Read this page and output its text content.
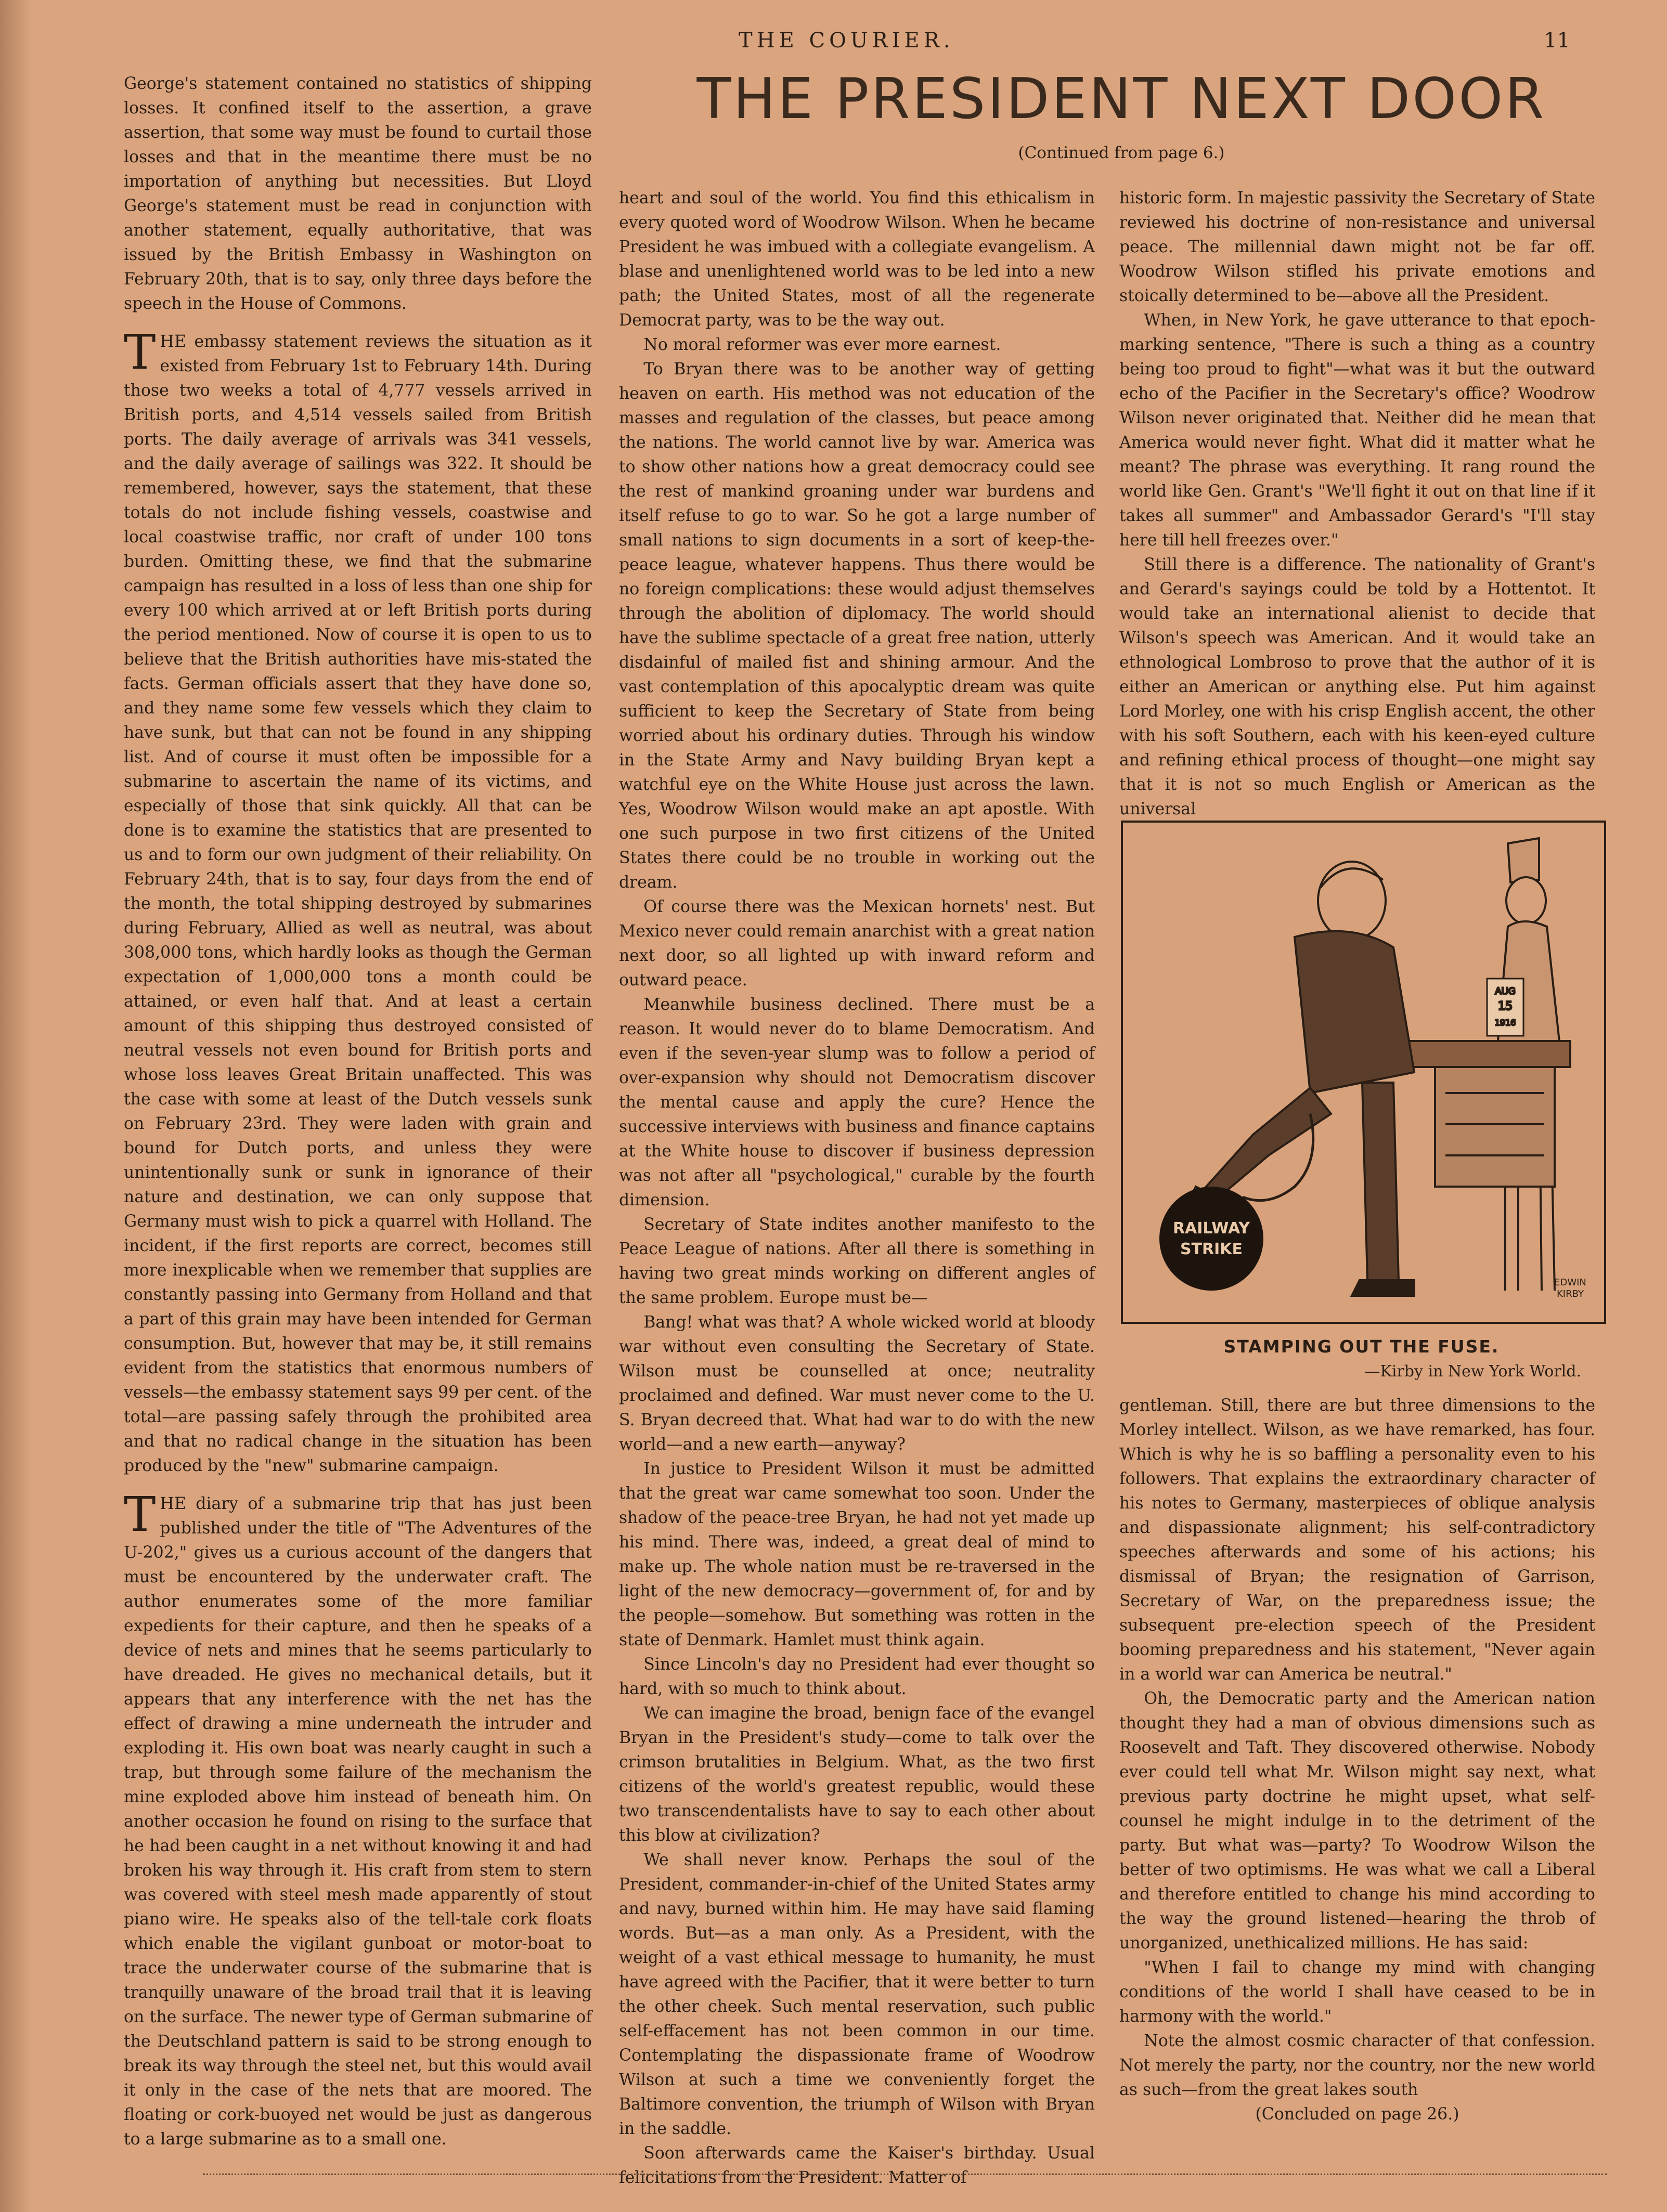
THE COURIER.	11
THE PRESIDENT NEXT DOOR
(Continued from page 6.)

George's statement contained no statistics of shipping losses. It confined itself to the assertion, a grave assertion, that some way must be found to curtail those losses and that in the meantime there must be no importation of anything but necessities. But Lloyd George's statement must be read in conjunction with another statement, equally authoritative, that was issued by the British Embassy in Washington on February 20th, that is to say, only three days before the speech in the House of Commons.

THE embassy statement reviews the situation as it existed from February 1st to February 14th. During those two weeks a total of 4,777 vessels arrived in British ports, and 4,514 vessels sailed from British ports. The daily average of arrivals was 341 vessels, and the daily average of sailings was 322. It should be remembered, however, says the statement, that these totals do not include fishing vessels, coastwise and local coastwise traffic, nor craft of under 100 tons burden. Omitting these, we find that the submarine campaign has resulted in a loss of less than one ship for every 100 which arrived at or left British ports during the period mentioned. Now of course it is open to us to believe that the British authorities have mis-stated the facts. German officials assert that they have done so, and they name some few vessels which they claim to have sunk, but that can not be found in any shipping list. And of course it must often be impossible for a submarine to ascertain the name of its victims, and especially of those that sink quickly. All that can be done is to examine the statistics that are presented to us and to form our own judgment of their reliability. On February 24th, that is to say, four days from the end of the month, the total shipping destroyed by submarines during February, Allied as well as neutral, was about 308,000 tons, which hardly looks as though the German expectation of 1,000,000 tons a month could be attained, or even half that. And at least a certain amount of this shipping thus destroyed consisted of neutral vessels not even bound for British ports and whose loss leaves Great Britain unaffected. This was the case with some at least of the Dutch vessels sunk on February 23rd. They were laden with grain and bound for Dutch ports, and unless they were unintentionally sunk or sunk in ignorance of their nature and destination, we can only suppose that Germany must wish to pick a quarrel with Holland. The incident, if the first reports are correct, becomes still more inexplicable when we remember that supplies are constantly passing into Germany from Holland and that a part of this grain may have been intended for German consumption. But, however that may be, it still remains evident from the statistics that enormous numbers of vessels—the embassy statement says 99 per cent. of the total—are passing safely through the prohibited area and that no radical change in the situation has been produced by the "new" submarine campaign.

THE diary of a submarine trip that has just been published under the title of "The Adventures of the U-202," gives us a curious account of the dangers that must be encountered by the underwater craft. The author enumerates some of the more familiar expedients for their capture, and then he speaks of a device of nets and mines that he seems particularly to have dreaded. He gives no mechanical details, but it appears that any interference with the net has the effect of drawing a mine underneath the intruder and exploding it. His own boat was nearly caught in such a trap, but through some failure of the mechanism the mine exploded above him instead of beneath him. On another occasion he found on rising to the surface that he had been caught in a net without knowing it and had broken his way through it. His craft from stem to stern was covered with steel mesh made apparently of stout piano wire. He speaks also of the tell-tale cork floats which enable the vigilant gunboat or motor-boat to trace the underwater course of the submarine that is tranquilly unaware of the broad trail that it is leaving on the surface. The newer type of German submarine of the Deutschland pattern is said to be strong enough to break its way through the steel net, but this would avail it only in the case of the nets that are moored. The floating or cork-buoyed net would be just as dangerous to a large submarine as to a small one.

heart and soul of the world. You find this ethicalism in every quoted word of Woodrow Wilson. When he became President he was imbued with a collegiate evangelism. A blase and unenlightened world was to be led into a new path; the United States, most of all the regenerate Democrat party, was to be the way out.

No moral reformer was ever more earnest.

To Bryan there was to be another way of getting heaven on earth. His method was not education of the masses and regulation of the classes, but peace among the nations. The world cannot live by war. America was to show other nations how a great democracy could see the rest of mankind groaning under war burdens and itself refuse to go to war. So he got a large number of small nations to sign documents in a sort of keep-the-peace league, whatever happens. Thus there would be no foreign complications: these would adjust themselves through the abolition of diplomacy. The world should have the sublime spectacle of a great free nation, utterly disdainful of mailed fist and shining armour. And the vast contemplation of this apocalyptic dream was quite sufficient to keep the Secretary of State from being worried about his ordinary duties. Through his window in the State Army and Navy building Bryan kept a watchful eye on the White House just across the lawn. Yes, Woodrow Wilson would make an apt apostle. With one such purpose in two first citizens of the United States there could be no trouble in working out the dream.

Of course there was the Mexican hornets' nest. But Mexico never could remain anarchist with a great nation next door, so all lighted up with inward reform and outward peace.

Meanwhile business declined. There must be a reason. It would never do to blame Democratism. And even if the seven-year slump was to follow a period of over-expansion why should not Democratism discover the mental cause and apply the cure? Hence the successive interviews with business and finance captains at the White house to discover if business depression was not after all "psychological," curable by the fourth dimension.

Secretary of State indites another manifesto to the Peace League of nations. After all there is something in having two great minds working on different angles of the same problem. Europe must be—

Bang! what was that? A whole wicked world at bloody war without even consulting the Secretary of State. Wilson must be counselled at once; neutrality proclaimed and defined. War must never come to the U. S. Bryan decreed that. What had war to do with the new world—and a new earth—anyway?

In justice to President Wilson it must be admitted that the great war came somewhat too soon. Under the shadow of the peace-tree Bryan, he had not yet made up his mind. There was, indeed, a great deal of mind to make up. The whole nation must be re-traversed in the light of the new democracy—government of, for and by the people—somehow. But something was rotten in the state of Denmark. Hamlet must think again.

Since Lincoln's day no President had ever thought so hard, with so much to think about.

We can imagine the broad, benign face of the evangel Bryan in the President's study—come to talk over the crimson brutalities in Belgium. What, as the two first citizens of the world's greatest republic, would these two transcendentalists have to say to each other about this blow at civilization?

We shall never know. Perhaps the soul of the President, commander-in-chief of the United States army and navy, burned within him. He may have said flaming words. But—as a man only. As a President, with the weight of a vast ethical message to humanity, he must have agreed with the Pacifier, that it were better to turn the other cheek. Such mental reservation, such public self-effacement has not been common in our time. Contemplating the dispassionate frame of Woodrow Wilson at such a time we conveniently forget the Baltimore convention, the triumph of Wilson with Bryan in the saddle.

Soon afterwards came the Kaiser's birthday. Usual felicitations from the President. Matter of

historic form. In majestic passivity the Secretary of State reviewed his doctrine of non-resistance and universal peace. The millennial dawn might not be far off. Woodrow Wilson stifled his private emotions and stoically determined to be—above all the President.

When, in New York, he gave utterance to that epoch-marking sentence, "There is such a thing as a country being too proud to fight"—what was it but the outward echo of the Pacifier in the Secretary's office? Woodrow Wilson never originated that. Neither did he mean that America would never fight. What did it matter what he meant? The phrase was everything. It rang round the world like Gen. Grant's "We'll fight it out on that line if it takes all summer" and Ambassador Gerard's "I'll stay here till hell freezes over."

Still there is a difference. The nationality of Grant's and Gerard's sayings could be told by a Hottentot. It would take an international alienist to decide that Wilson's speech was American. And it would take an ethnological Lombroso to prove that the author of it is either an American or anything else. Put him against Lord Morley, one with his crisp English accent, the other with his soft Southern, each with his keen-eyed culture and refining ethical process of thought—one might say that it is not so much English or American as the universal

AUG
15
1916
RAILWAY
STRIKE
EDWIN
KIRBY
STAMPING OUT THE FUSE.
—Kirby in New York World.

gentleman. Still, there are but three dimensions to the Morley intellect. Wilson, as we have remarked, has four. Which is why he is so baffling a personality even to his followers. That explains the extraordinary character of his notes to Germany, masterpieces of oblique analysis and dispassionate alignment; his self-contradictory speeches afterwards and some of his actions; his dismissal of Bryan; the resignation of Garrison, Secretary of War, on the preparedness issue; the subsequent pre-election speech of the President booming preparedness and his statement, "Never again in a world war can America be neutral."

Oh, the Democratic party and the American nation thought they had a man of obvious dimensions such as Roosevelt and Taft. They discovered otherwise. Nobody ever could tell what Mr. Wilson might say next, what previous party doctrine he might upset, what self-counsel he might indulge in to the detriment of the party. But what was—party? To Woodrow Wilson the better of two optimisms. He was what we call a Liberal and therefore entitled to change his mind according to the way the ground listened—hearing the throb of unorganized, unethicalized millions. He has said:

"When I fail to change my mind with changing conditions of the world I shall have ceased to be in harmony with the world."

Note the almost cosmic character of that confession. Not merely the party, nor the country, nor the new world as such—from the great lakes south

(Concluded on page 26.)
